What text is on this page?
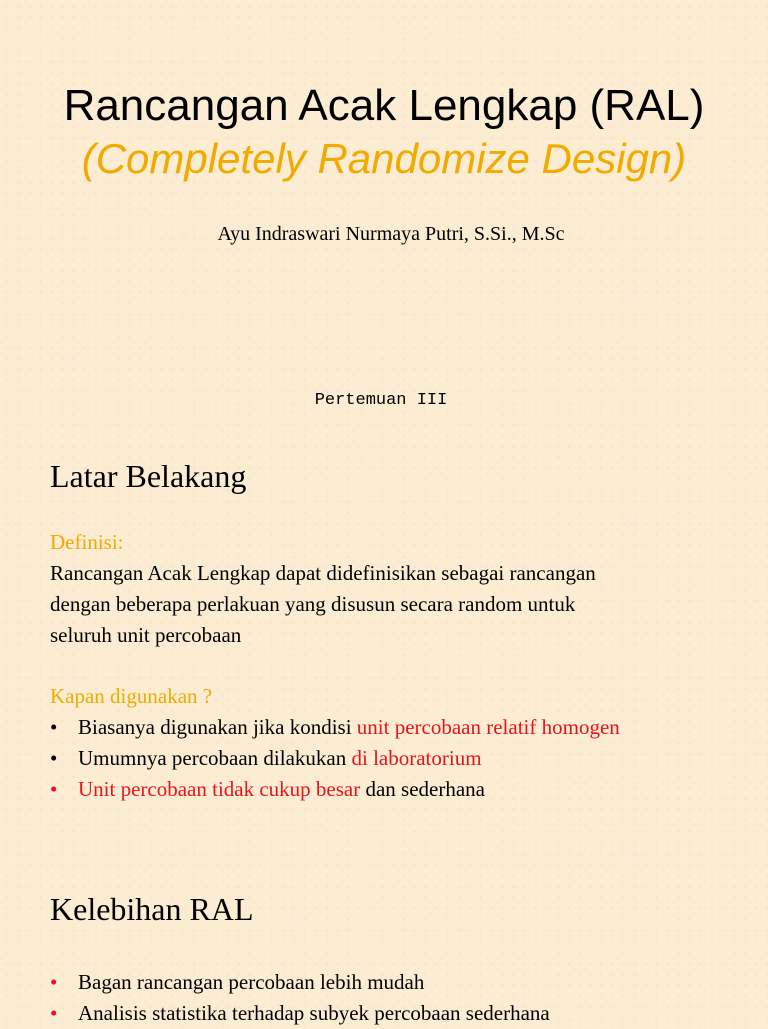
Rancangan Acak Lengkap (RAL)
(Completely Randomize Design)
Ayu Indraswari Nurmaya Putri, S.Si., M.Sc
Pertemuan III
Latar Belakang
Definisi:
Rancangan Acak Lengkap dapat didefinisikan sebagai rancangan
dengan beberapa perlakuan yang disusun secara random untuk
seluruh unit percobaan
Kapan digunakan ?
• Biasanya digunakan jika kondisi unit percobaan relatif homogen
• Umumnya percobaan dilakukan di laboratorium
• Unit percobaan tidak cukup besar dan sederhana
Kelebihan RAL
• Bagan rancangan percobaan lebih mudah
• Analisis statistika terhadap subyek percobaan sederhana
